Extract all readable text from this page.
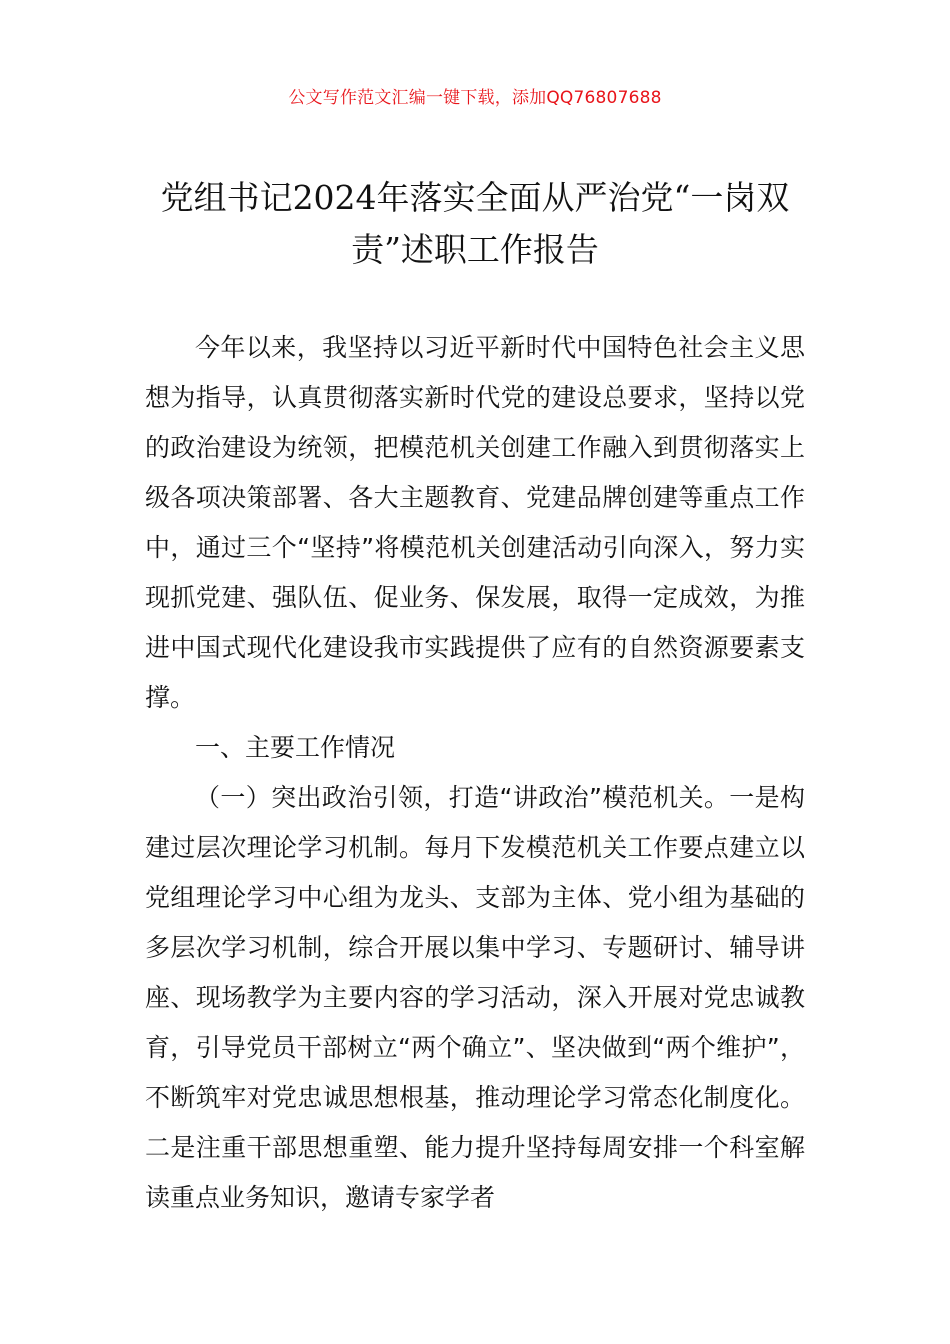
公文写作范文汇编一键下载，添加QQ76807688
党组书记2024年落实全面从严治党“一岗双责”述职工作报告

今年以来，我坚持以习近平新时代中国特色社会主义思想为指导，认真贯彻落实新时代党的建设总要求，坚持以党的政治建设为统领，把模范机关创建工作融入到贯彻落实上级各项决策部署、各大主题教育、党建品牌创建等重点工作中，通过三个“坚持”将模范机关创建活动引向深入，努力实现抓党建、强队伍、促业务、保发展，取得一定成效，为推进中国式现代化建设我市实践提供了应有的自然资源要素支撑。

一、主要工作情况

（一）突出政治引领，打造“讲政治”模范机关。一是构建过层次理论学习机制。每月下发模范机关工作要点建立以党组理论学习中心组为龙头、支部为主体、党小组为基础的多层次学习机制，综合开展以集中学习、专题研讨、辅导讲座、现场教学为主要内容的学习活动，深入开展对党忠诚教育，引导党员干部树立“两个确立”、坚决做到“两个维护”，不断筑牢对党忠诚思想根基，推动理论学习常态化制度化。二是注重干部思想重塑、能力提升坚持每周安排一个科室解读重点业务知识，邀请专家学者
